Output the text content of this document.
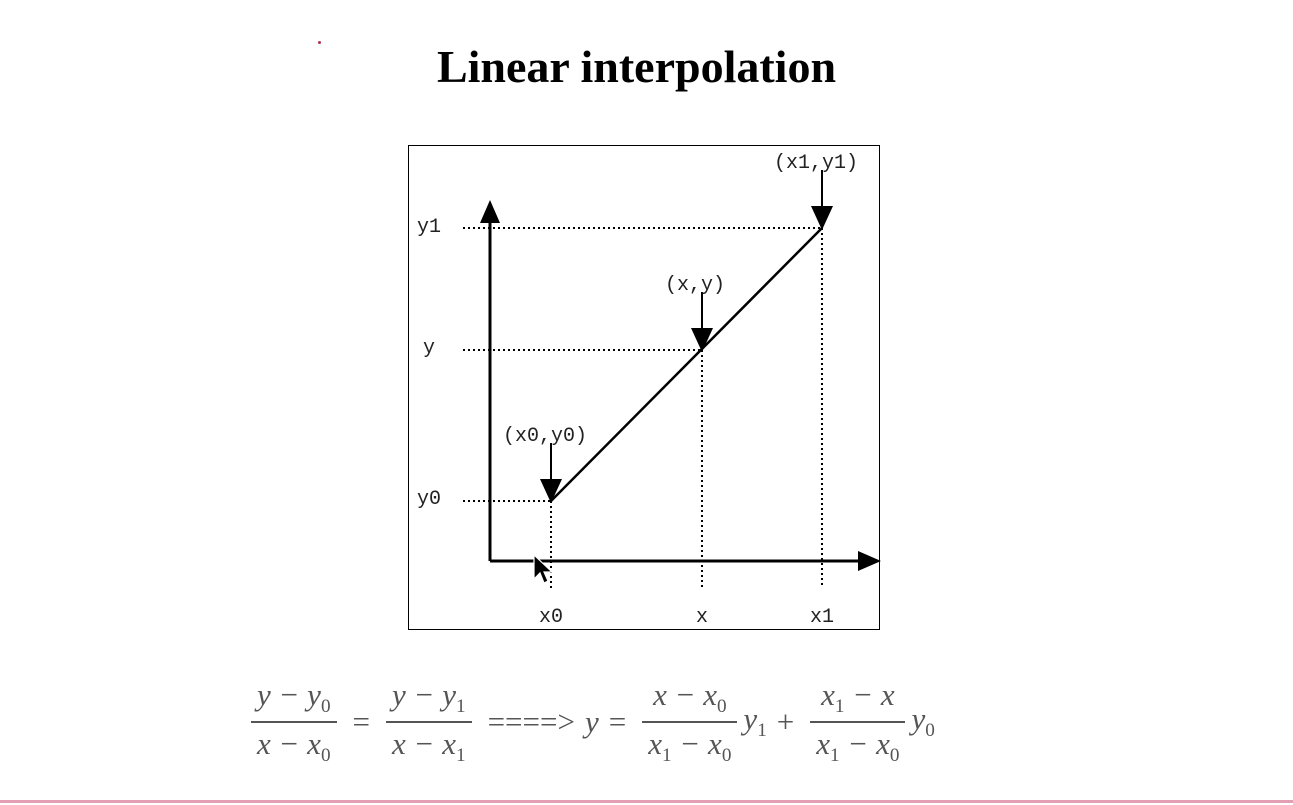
Linear interpolation
y1
y
y0
x0	x	x1
(x1,y1)
(x,y)
(x0,y0)
$\frac{y - y_0}{x - x_0} = \frac{y - y_1}{x - x_1}$ ====> $y = \frac{x - x_0}{x_1 - x_0} y_1 + \frac{x_1 - x}{x_1 - x_0} y_0$
